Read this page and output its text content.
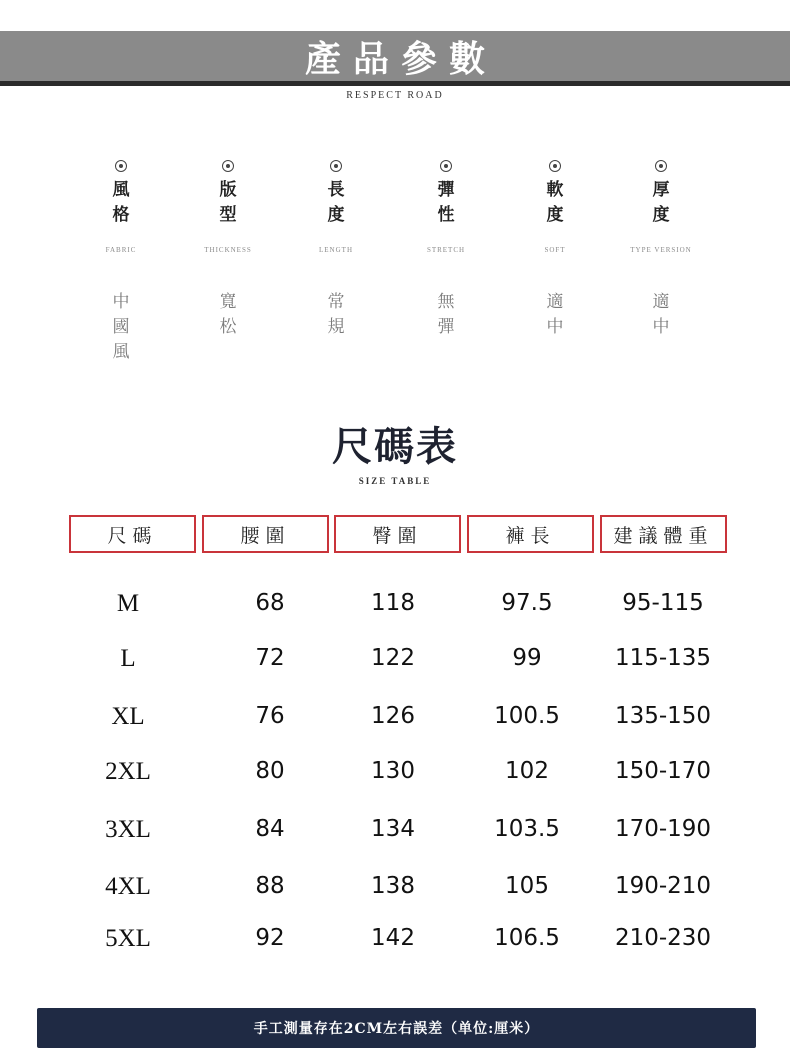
產品參數
RESPECT ROAD
風格
FABRIC
中國風
版型
THICKNESS
寬松
長度
LENGTH
常規
彈性
STRETCH
無彈
軟度
SOFT
適中
厚度
TYPE VERSION
適中
尺碼表
SIZE TABLE
尺碼	腰圍	臀圍	褲長	建議體重
M	68	118	97.5	95-115
L	72	122	99	115-135
XL	76	126	100.5 135-150
2XL	80	130	102	150-170
3XL	84	134	103.5 170-190
4XL	88	138	105	190-210
5XL	92	142	106.5 210-230
手工測量存在2CM左右誤差（单位:厘米）
